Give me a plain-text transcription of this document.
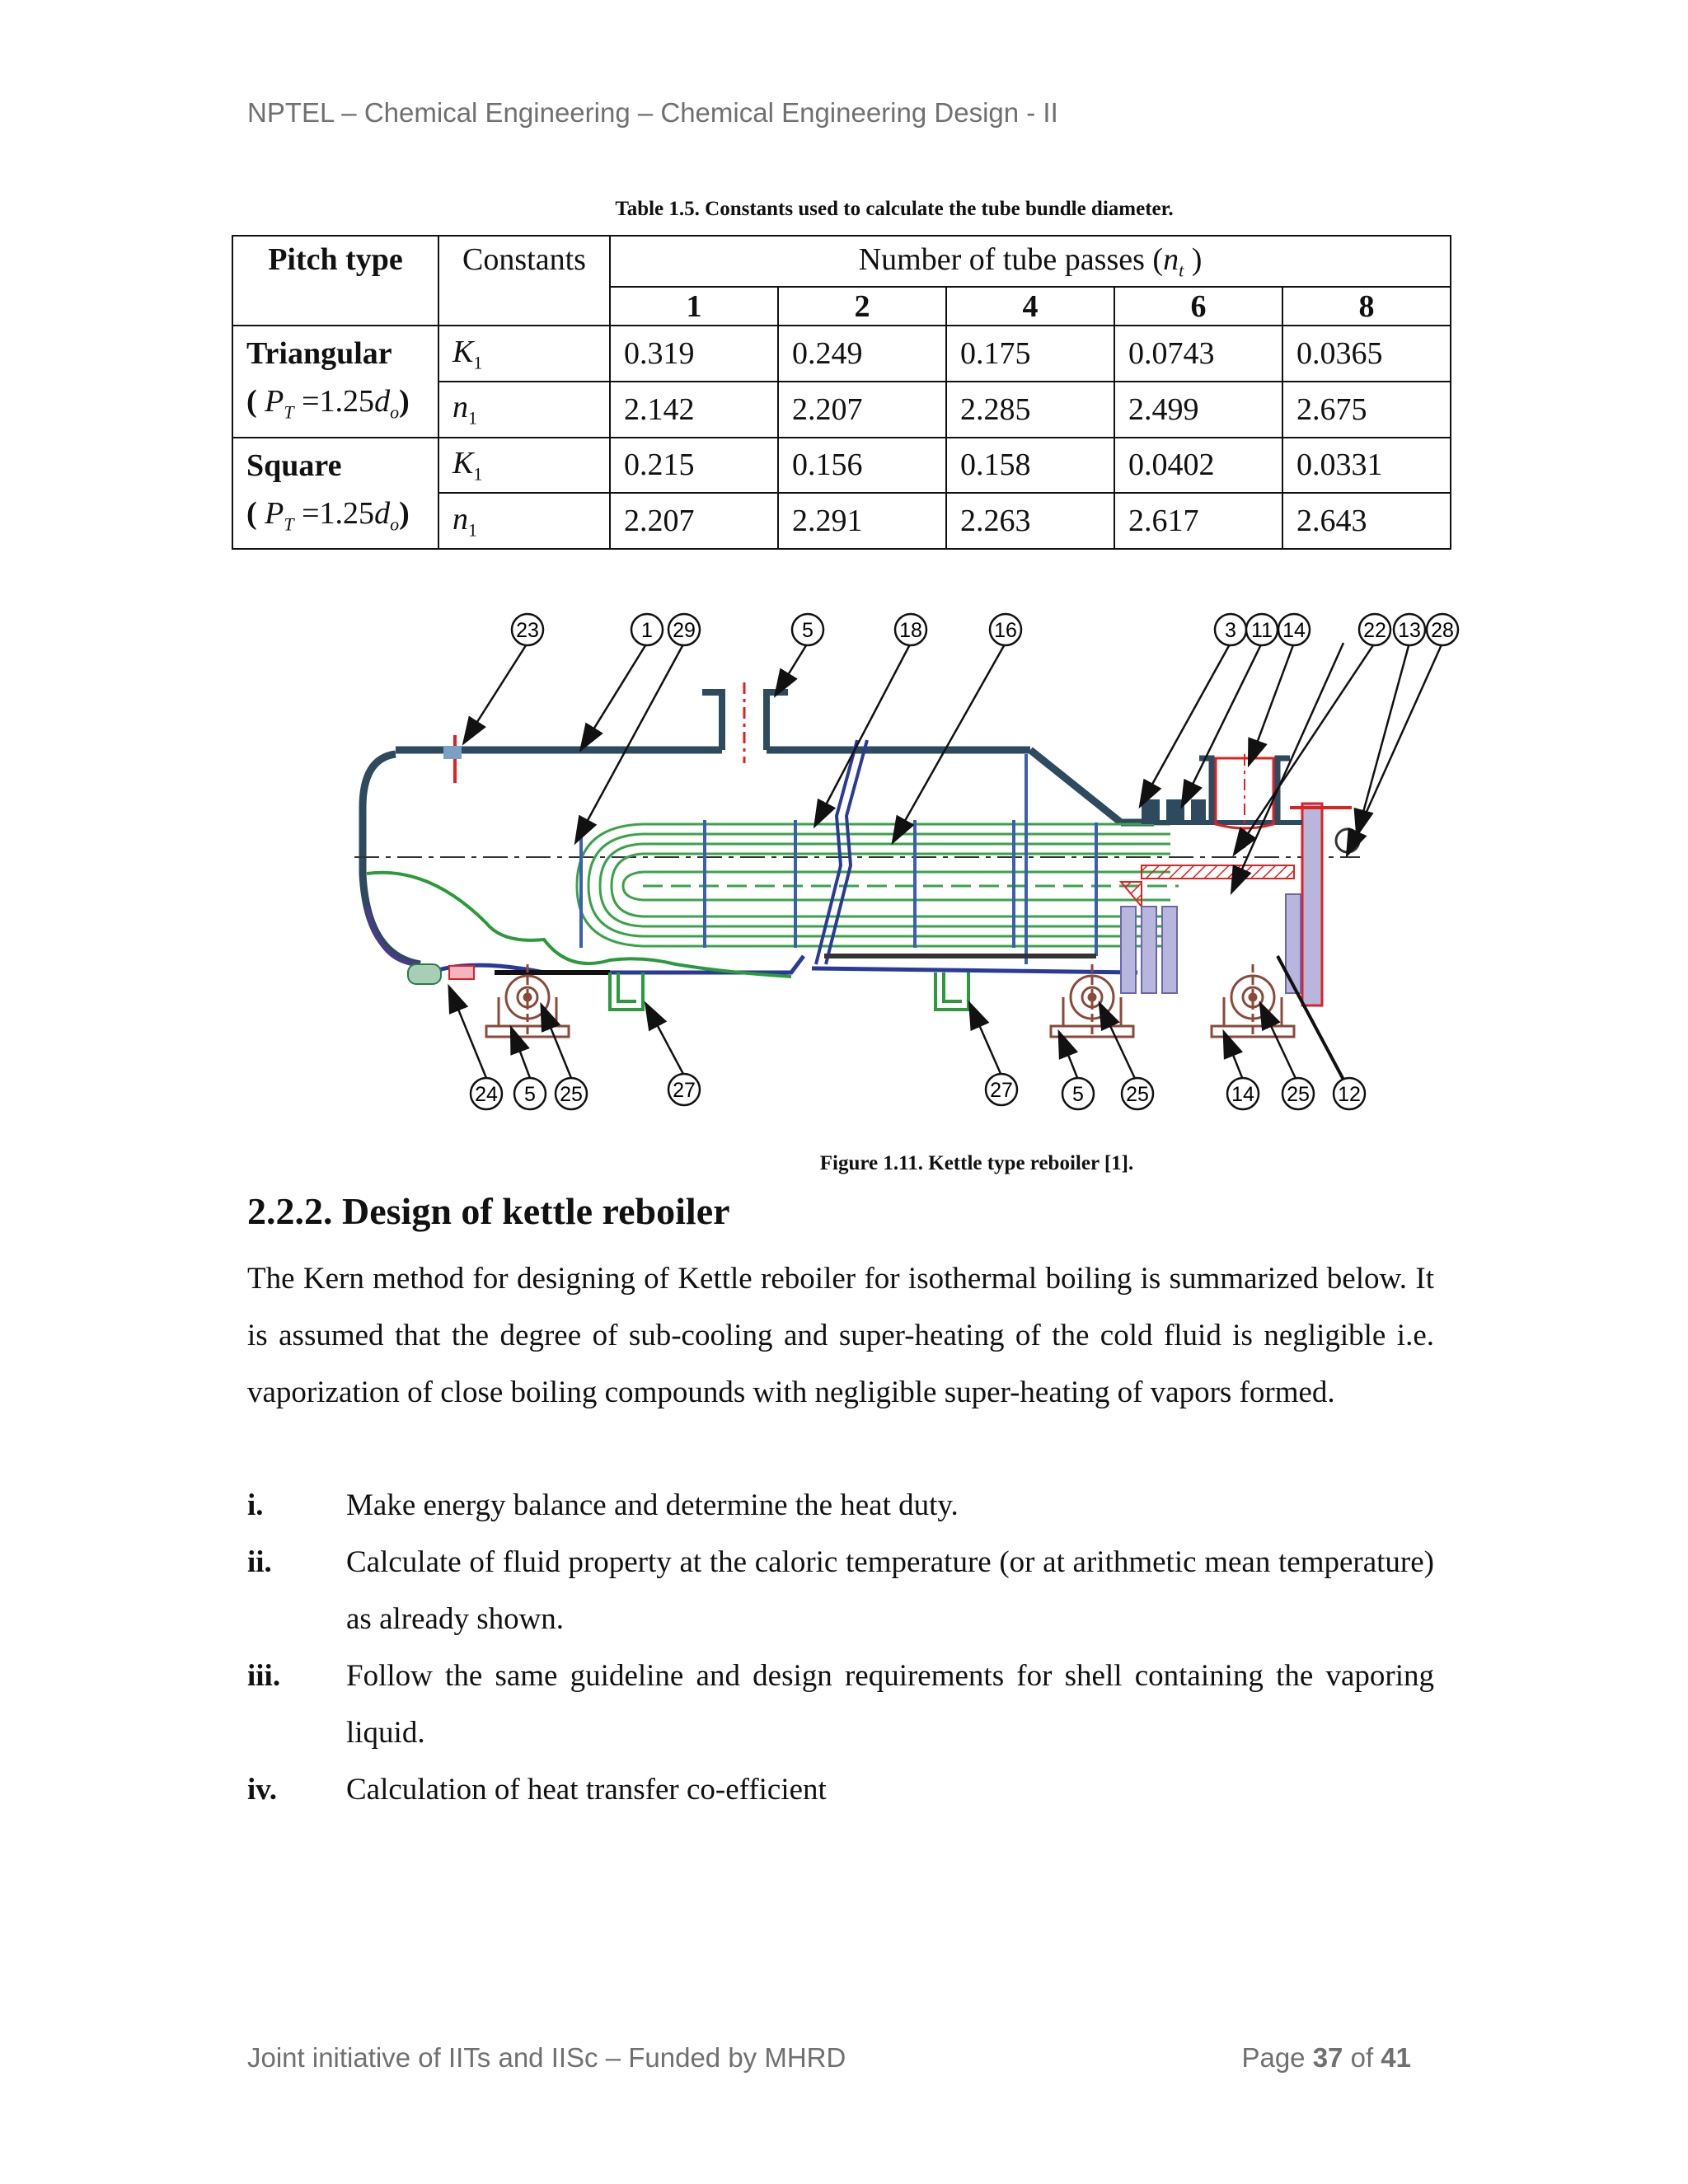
NPTEL – Chemical Engineering – Chemical Engineering Design - II
Table 1.5. Constants used to calculate the tube bundle diameter.
Pitch type	Constants	Number of tube passes ($n_t$ )				
		1	2	4	6	8
Triangular
( $P_T =1.25d_o$)	$K_1$	0.319	0.249	0.175	0.0743	0.0365
	$n_1$	2.142	2.207	2.285	2.499	2.675
Square
( $P_T =1.25d_o$)	$K_1$	0.215	0.156	0.158	0.0402	0.0331
	$n_1$	2.207	2.291	2.263	2.617	2.643
23	1 29	5	18	16	3 11 14	22 13 28
24 5 25	27	27	5 25	14 25 12
Figure 1.11. Kettle type reboiler [1].
2.2.2. Design of kettle reboiler
The Kern method for designing of Kettle reboiler for isothermal boiling is summarized below. It is assumed that the degree of sub-cooling and super-heating of the cold fluid is negligible i.e. vaporization of close boiling compounds with negligible super-heating of vapors formed.
i.	Make energy balance and determine the heat duty.
ii. Calculate of fluid property at the caloric temperature (or at arithmetic mean temperature) as already shown.
iii. Follow the same guideline and design requirements for shell containing the vaporing liquid.
iv. Calculation of heat transfer co-efficient
Joint initiative of IITs and IISc – Funded by MHRD	Page 37 of 41
